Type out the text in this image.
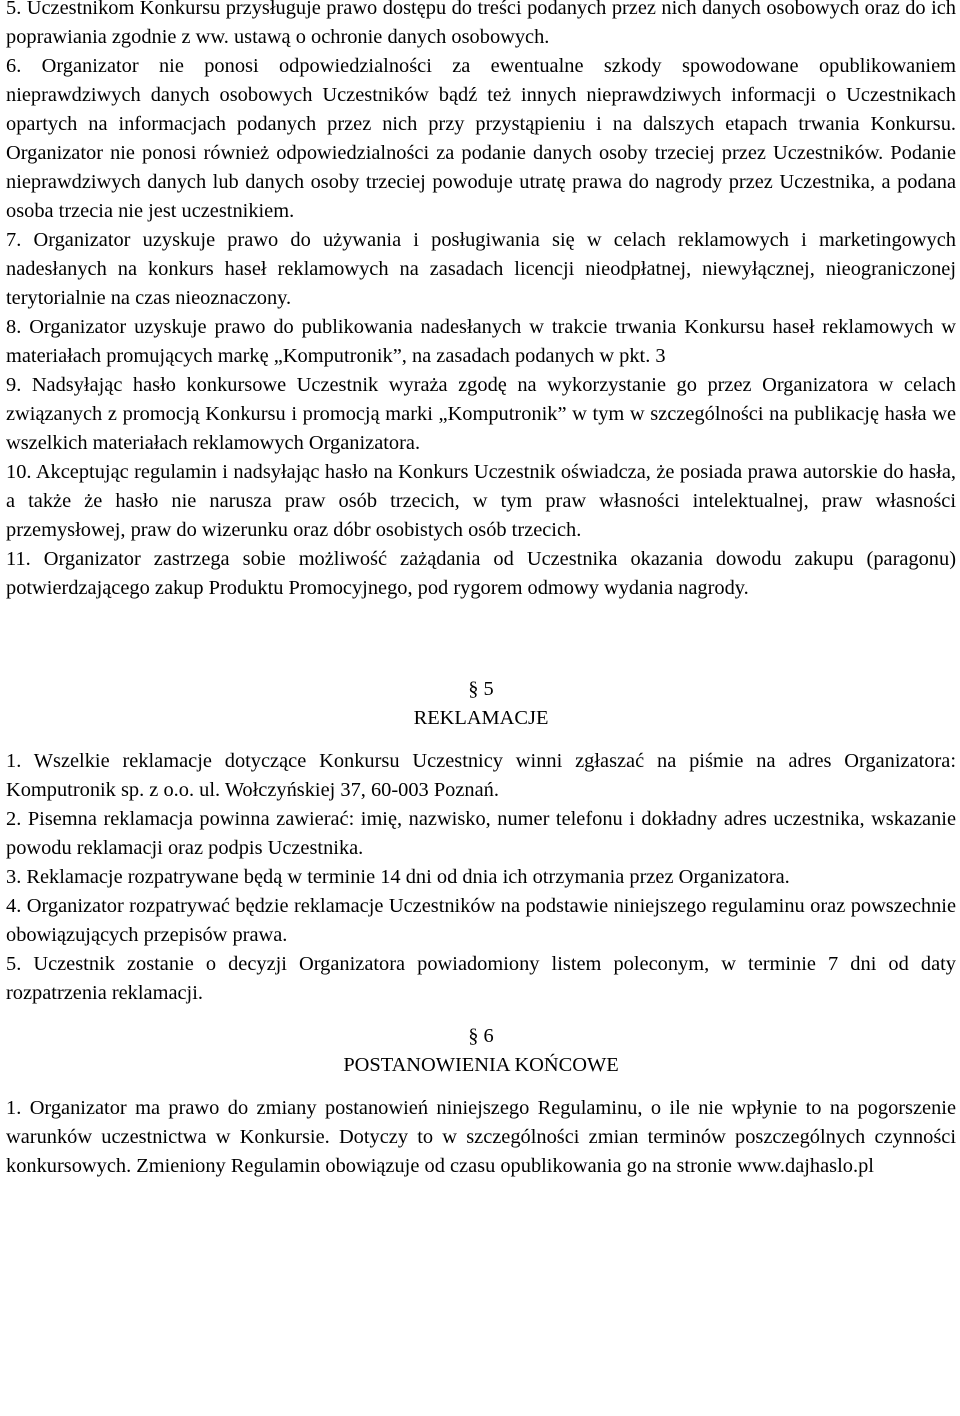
5. Uczestnikom Konkursu przysługuje prawo dostępu do treści podanych przez nich danych osobowych oraz do ich poprawiania zgodnie z ww. ustawą o ochronie danych osobowych.

6. Organizator nie ponosi odpowiedzialności za ewentualne szkody spowodowane opublikowaniem nieprawdziwych danych osobowych Uczestników bądź też innych nieprawdziwych informacji o Uczestnikach opartych na informacjach podanych przez nich przy przystąpieniu i na dalszych etapach trwania Konkursu. Organizator nie ponosi również odpowiedzialności za podanie danych osoby trzeciej przez Uczestników. Podanie nieprawdziwych danych lub danych osoby trzeciej powoduje utratę prawa do nagrody przez Uczestnika, a podana osoba trzecia nie jest uczestnikiem.

7. Organizator uzyskuje prawo do używania i posługiwania się w celach reklamowych i marketingowych nadesłanych na konkurs haseł reklamowych na zasadach licencji nieodpłatnej, niewyłącznej, nieograniczonej terytorialnie na czas nieoznaczony.

8. Organizator uzyskuje prawo do publikowania nadesłanych w trakcie trwania Konkursu haseł reklamowych w materiałach promujących markę „Komputronik”, na zasadach podanych w pkt. 3

9. Nadsyłając hasło konkursowe Uczestnik wyraża zgodę na wykorzystanie go przez Organizatora w celach związanych z promocją Konkursu i promocją marki „Komputronik” w tym w szczególności na publikację hasła we wszelkich materiałach reklamowych Organizatora.

10. Akceptując regulamin i nadsyłając hasło na Konkurs Uczestnik oświadcza, że posiada prawa autorskie do hasła, a także że hasło nie narusza praw osób trzecich, w tym praw własności intelektualnej, praw własności przemysłowej, praw do wizerunku oraz dóbr osobistych osób trzecich.

11. Organizator zastrzega sobie możliwość zażądania od Uczestnika okazania dowodu zakupu (paragonu) potwierdzającego zakup Produktu Promocyjnego, pod rygorem odmowy wydania nagrody.

§ 5
REKLAMACJE

1. Wszelkie reklamacje dotyczące Konkursu Uczestnicy winni zgłaszać na piśmie na adres Organizatora: Komputronik sp. z o.o. ul. Wołczyńskiej 37, 60-003 Poznań.

2. Pisemna reklamacja powinna zawierać: imię, nazwisko, numer telefonu i dokładny adres uczestnika, wskazanie powodu reklamacji oraz podpis Uczestnika.

3. Reklamacje rozpatrywane będą w terminie 14 dni od dnia ich otrzymania przez Organizatora.

4. Organizator rozpatrywać będzie reklamacje Uczestników na podstawie niniejszego regulaminu oraz powszechnie obowiązujących przepisów prawa.

5. Uczestnik zostanie o decyzji Organizatora powiadomiony listem poleconym, w terminie 7 dni od daty rozpatrzenia reklamacji.

§ 6
POSTANOWIENIA KOŃCOWE

1. Organizator ma prawo do zmiany postanowień niniejszego Regulaminu, o ile nie wpłynie to na pogorszenie warunków uczestnictwa w Konkursie. Dotyczy to w szczególności zmian terminów poszczególnych czynności konkursowych. Zmieniony Regulamin obowiązuje od czasu opublikowania go na stronie www.dajhaslo.pl
